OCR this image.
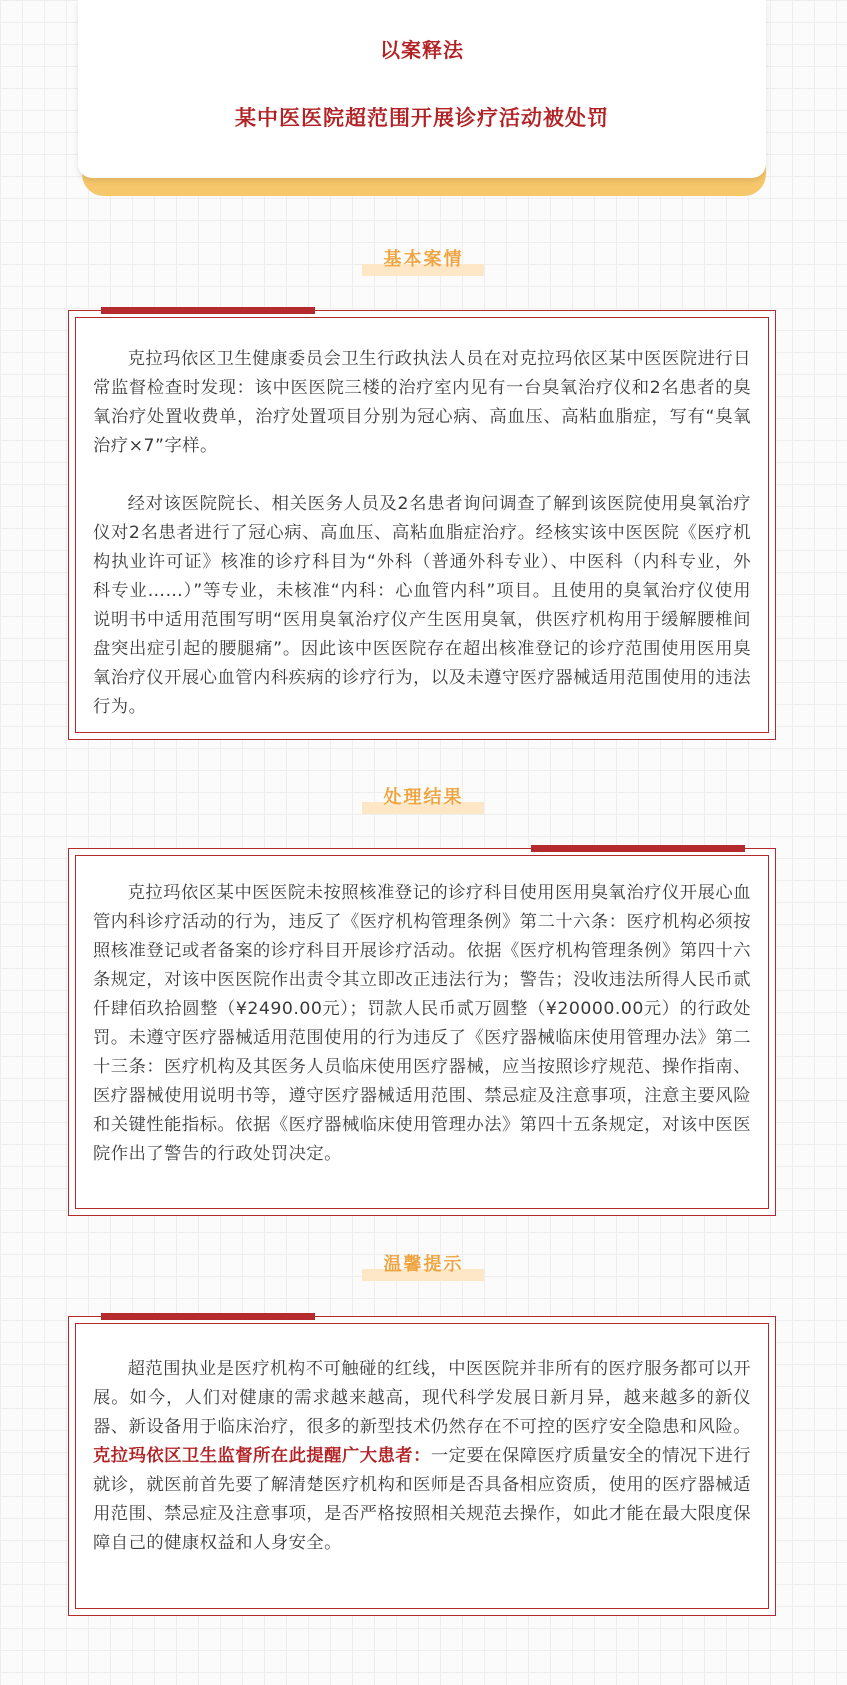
以案释法
某中医医院超范围开展诊疗活动被处罚
基本案情

克拉玛依区卫生健康委员会卫生行政执法人员在对克拉玛依区某中医医院进行日常监督检查时发现：该中医医院三楼的治疗室内见有一台臭氧治疗仪和2名患者的臭氧治疗处置收费单，治疗处置项目分别为冠心病、高血压、高粘血脂症，写有“臭氧治疗×7”字样。

经对该医院院长、相关医务人员及2名患者询问调查了解到该医院使用臭氧治疗仪对2名患者进行了冠心病、高血压、高粘血脂症治疗。经核实该中医医院《医疗机构执业许可证》核准的诊疗科目为“外科（普通外科专业）、中医科（内科专业，外科专业……）”等专业，未核准“内科：心血管内科”项目。且使用的臭氧治疗仪使用说明书中适用范围写明“医用臭氧治疗仪产生医用臭氧，供医疗机构用于缓解腰椎间盘突出症引起的腰腿痛”。因此该中医医院存在超出核准登记的诊疗范围使用医用臭氧治疗仪开展心血管内科疾病的诊疗行为，以及未遵守医疗器械适用范围使用的违法行为。

处理结果

克拉玛依区某中医医院未按照核准登记的诊疗科目使用医用臭氧治疗仪开展心血管内科诊疗活动的行为，违反了《医疗机构管理条例》第二十六条：医疗机构必须按照核准登记或者备案的诊疗科目开展诊疗活动。依据《医疗机构管理条例》第四十六条规定，对该中医医院作出责令其立即改正违法行为；警告；没收违法所得人民币贰仟肆佰玖拾圆整（¥2490.00元）；罚款人民币贰万圆整（¥20000.00元）的行政处罚。未遵守医疗器械适用范围使用的行为违反了《医疗器械临床使用管理办法》第二十三条：医疗机构及其医务人员临床使用医疗器械，应当按照诊疗规范、操作指南、医疗器械使用说明书等，遵守医疗器械适用范围、禁忌症及注意事项，注意主要风险和关键性能指标。依据《医疗器械临床使用管理办法》第四十五条规定，对该中医医院作出了警告的行政处罚决定。

温馨提示

超范围执业是医疗机构不可触碰的红线，中医医院并非所有的医疗服务都可以开展。如今，人们对健康的需求越来越高，现代科学发展日新月异，越来越多的新仪器、新设备用于临床治疗，很多的新型技术仍然存在不可控的医疗安全隐患和风险。克拉玛依区卫生监督所在此提醒广大患者：一定要在保障医疗质量安全的情况下进行就诊，就医前首先要了解清楚医疗机构和医师是否具备相应资质，使用的医疗器械适用范围、禁忌症及注意事项，是否严格按照相关规范去操作，如此才能在最大限度保障自己的健康权益和人身安全。
